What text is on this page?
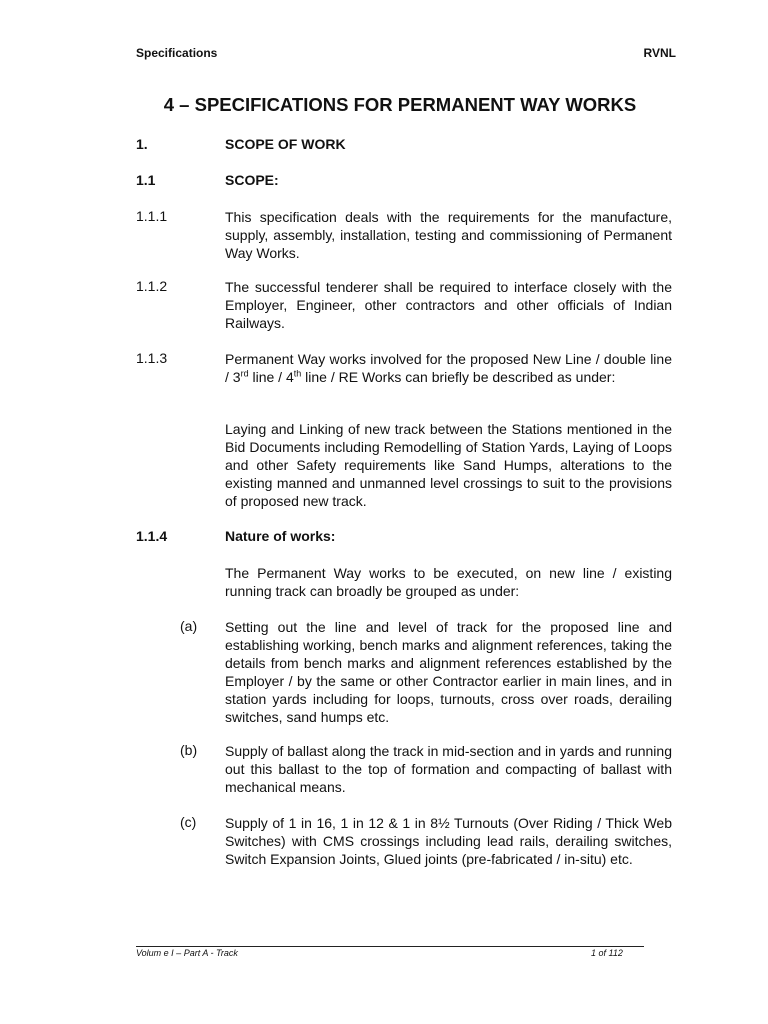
Specifications	RVNL
4 – SPECIFICATIONS FOR PERMANENT WAY WORKS
1.	SCOPE OF WORK
1.1	SCOPE:
1.1.1	This specification deals with the requirements for the manufacture, supply, assembly, installation, testing and commissioning of Permanent Way Works.
1.1.2	The successful tenderer shall be required to interface closely with the Employer, Engineer, other contractors and other officials of Indian Railways.
1.1.3	Permanent Way works involved for the proposed New Line / double line / 3rd line / 4th line / RE Works can briefly be described as under:
Laying and Linking of new track between the Stations mentioned in the Bid Documents including Remodelling of Station Yards, Laying of Loops and other Safety requirements like Sand Humps, alterations to the existing manned and unmanned level crossings to suit to the provisions of proposed new track.
1.1.4	Nature of works:
The Permanent Way works to be executed, on new line / existing running track can broadly be grouped as under:
(a) Setting out the line and level of track for the proposed line and establishing working, bench marks and alignment references, taking the details from bench marks and alignment references established by the Employer / by the same or other Contractor earlier in main lines, and in station yards including for loops, turnouts, cross over roads, derailing switches, sand humps etc.
(b) Supply of ballast along the track in mid-section and in yards and running out this ballast to the top of formation and compacting of ballast with mechanical means.
(c) Supply of 1 in 16, 1 in 12 & 1 in 8½ Turnouts (Over Riding / Thick Web Switches) with CMS crossings including lead rails, derailing switches, Switch Expansion Joints, Glued joints (pre-fabricated / in-situ) etc.
Volum e I – Part A - Track	1 of 112
